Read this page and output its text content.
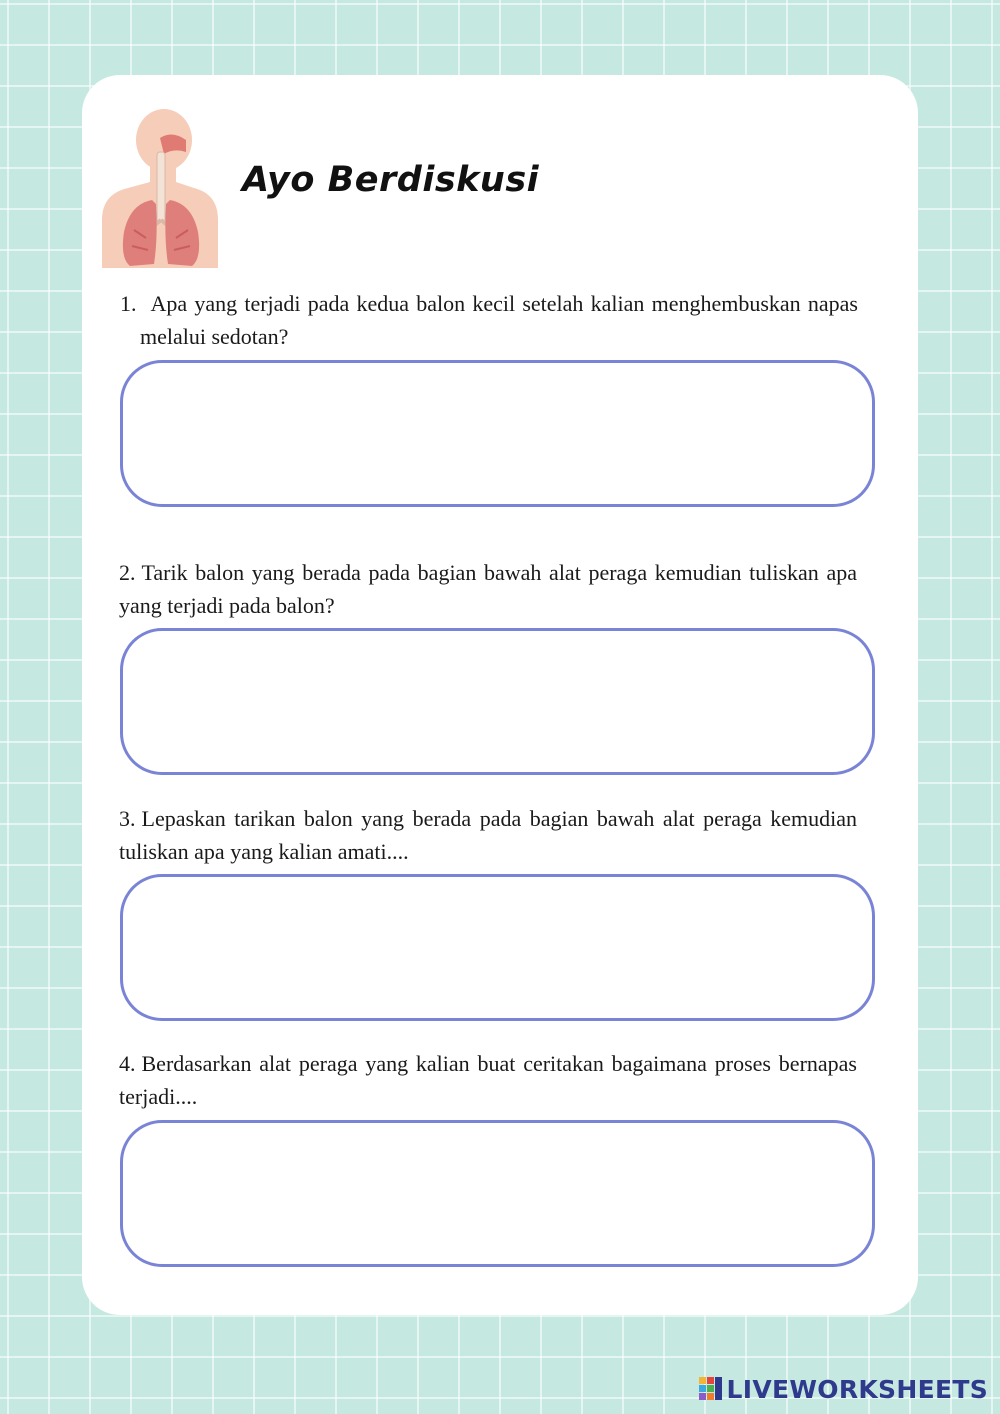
Ayo Berdiskusi

1. Apa yang terjadi pada kedua balon kecil setelah kalian menghembuskan napas melalui sedotan?

2. Tarik balon yang berada pada bagian bawah alat peraga kemudian tuliskan apa yang terjadi pada balon?

3. Lepaskan tarikan balon yang berada pada bagian bawah alat peraga kemudian tuliskan apa yang kalian amati....

4. Berdasarkan alat peraga yang kalian buat ceritakan bagaimana proses bernapas terjadi....

LIVEWORKSHEETS
